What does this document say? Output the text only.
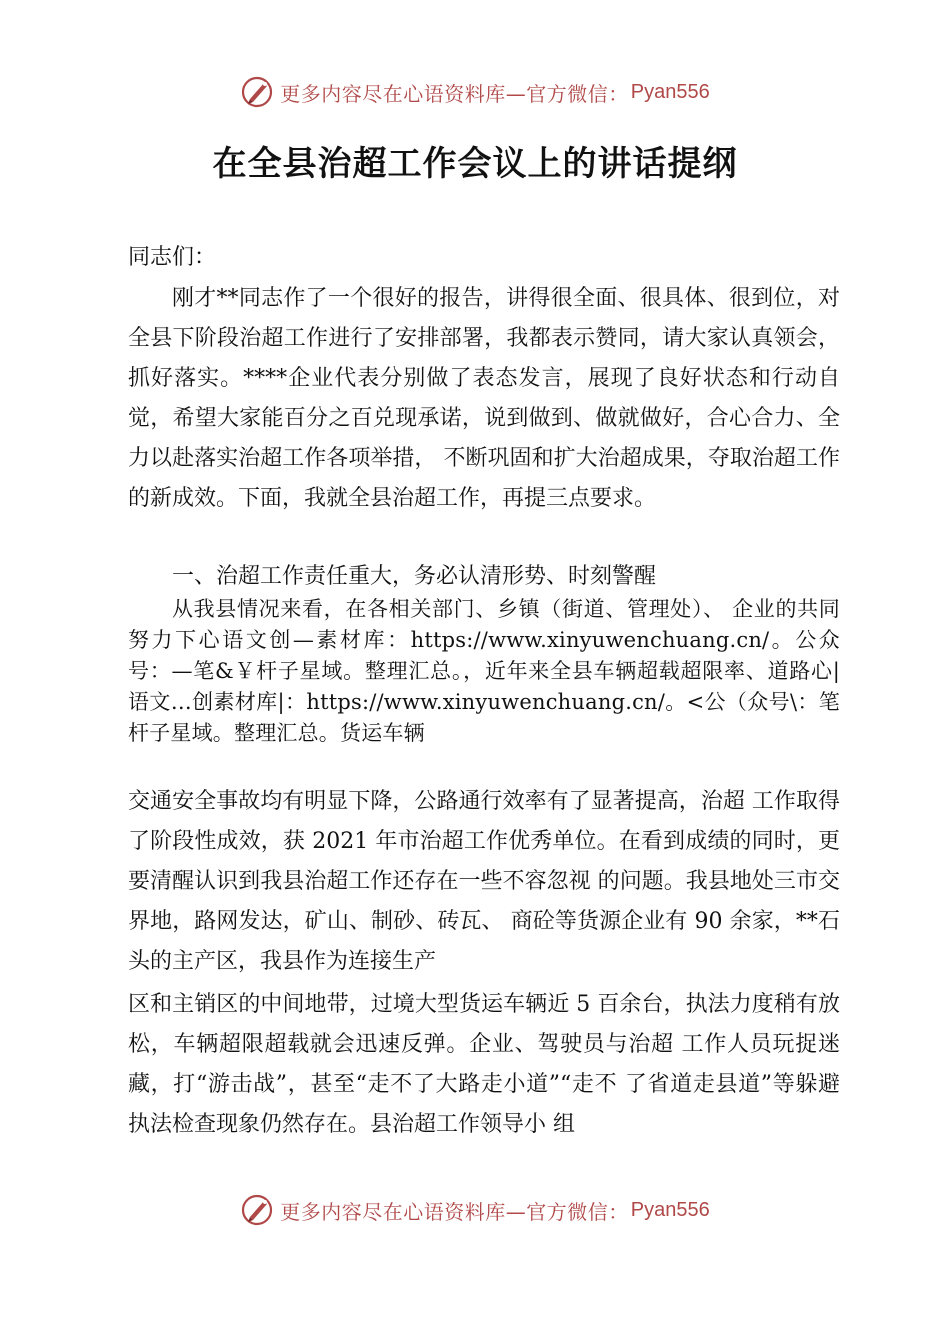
更多内容尽在心语资料库—官方微信： Pyan556
在全县治超工作会议上的讲话提纲

同志们：

刚才**同志作了一个很好的报告，讲得很全面、很具体、很到位，对全县下阶段治超工作进行了安排部署，我都表示赞同，请大家认真领会，抓好落实。****企业代表分别做了表态发言，展现了良好状态和行动自觉，希望大家能百分之百兑现承诺，说到做到、做就做好，合心合力、全力以赴落实治超工作各项举措， 不断巩固和扩大治超成果，夺取治超工作的新成效。下面，我就全县治超工作，再提三点要求。

一、治超工作责任重大，务必认清形势、时刻警醒

从我县情况来看，在各相关部门、乡镇（街道、管理处）、 企业的共同努力下心语文创—素材库：https://www.xinyuwenchuang.cn/。公众号：—笔&￥杆子星域。整理汇总。，近年来全县车辆超载超限率、道路心|语文…创素材库|：https://www.xinyuwenchuang.cn/。<公（众号\：笔杆子星域。整理汇总。货运车辆

交通安全事故均有明显下降，公路通行效率有了显著提高，治超 工作取得了阶段性成效，获 2021 年市治超工作优秀单位。在看到成绩的同时，更要清醒认识到我县治超工作还存在一些不容忽视 的问题。我县地处三市交界地，路网发达，矿山、制砂、砖瓦、 商砼等货源企业有 90 余家，**石头的主产区，我县作为连接生产

区和主销区的中间地带，过境大型货运车辆近 5 百余台，执法力度稍有放松，车辆超限超载就会迅速反弹。企业、驾驶员与治超 工作人员玩捉迷藏，打“游击战”，甚至“走不了大路走小道”“走不 了省道走县道”等躲避执法检查现象仍然存在。县治超工作领导小 组

更多内容尽在心语资料库—官方微信： Pyan556
